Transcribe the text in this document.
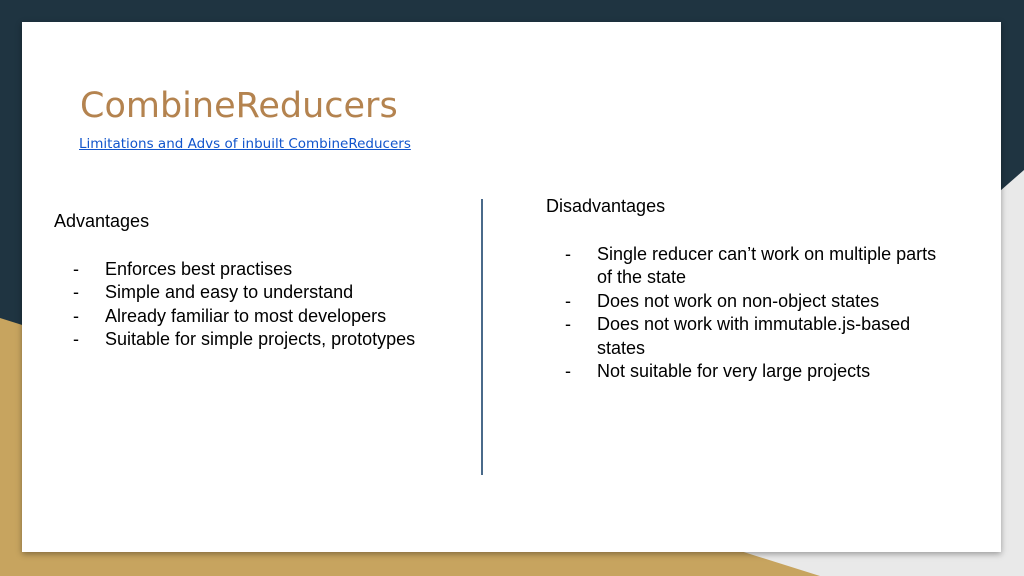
CombineReducers
Limitations and Advs of inbuilt CombineReducers

Advantages

- Enforces best practises
- Simple and easy to understand
- Already familiar to most developers
- Suitable for simple projects, prototypes

Disadvantages

- Single reducer can’t work on multiple parts of the state
- Does not work on non-object states
- Does not work with immutable.js-based states
- Not suitable for very large projects
